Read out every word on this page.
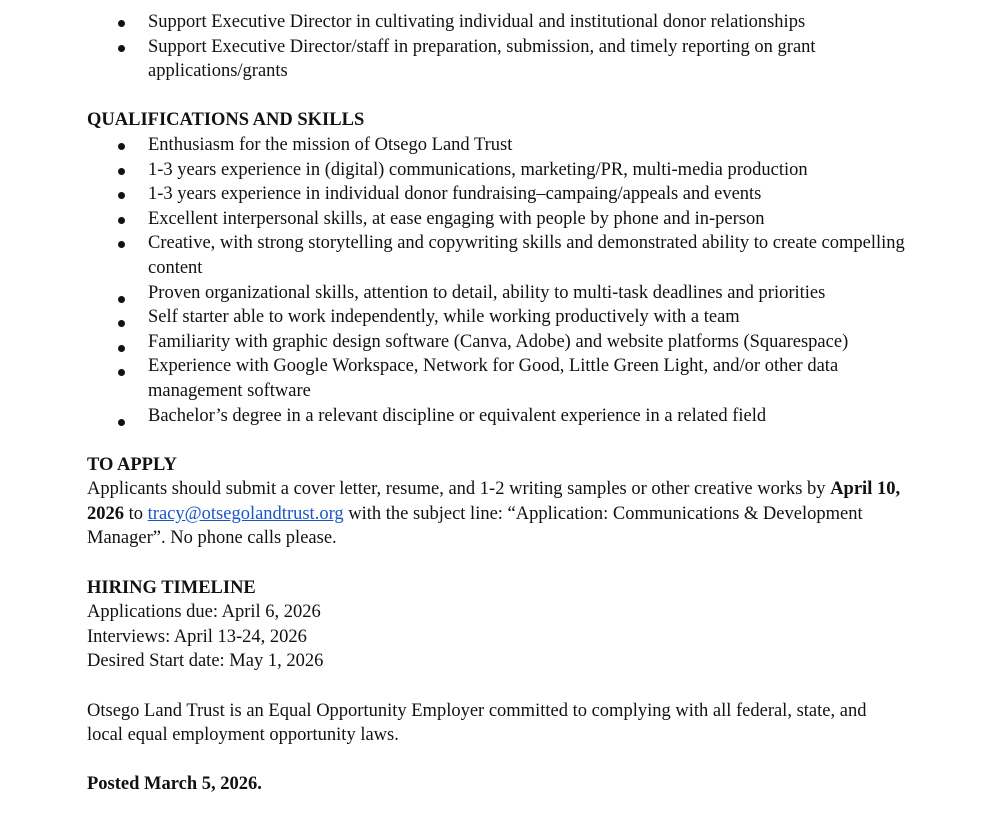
Support Executive Director in cultivating individual and institutional donor relationships
Support Executive Director/staff in preparation, submission, and timely reporting on grant applications/grants
QUALIFICATIONS AND SKILLS
Enthusiasm for the mission of Otsego Land Trust
1-3 years experience in (digital) communications, marketing/PR, multi-media production
1-3 years experience in individual donor fundraising–campaing/appeals and events
Excellent interpersonal skills, at ease engaging with people by phone and in-person
Creative, with strong storytelling and copywriting skills and demonstrated ability to create compelling content
Proven organizational skills, attention to detail, ability to multi-task deadlines and priorities
Self starter able to work independently, while working productively with a team
Familiarity with graphic design software (Canva, Adobe) and website platforms (Squarespace)
Experience with Google Workspace, Network for Good, Little Green Light, and/or other data management software
Bachelor’s degree in a relevant discipline or equivalent experience in a related field
TO APPLY

Applicants should submit a cover letter, resume, and 1-2 writing samples or other creative works by April 10, 2026 to tracy@otsegolandtrust.org with the subject line: “Application: Communications & Development Manager”. No phone calls please.

HIRING TIMELINE
Applications due: April 6, 2026
Interviews: April 13-24, 2026
Desired Start date: May 1, 2026

Otsego Land Trust is an Equal Opportunity Employer committed to complying with all federal, state, and local equal employment opportunity laws.

Posted March 5, 2026.
